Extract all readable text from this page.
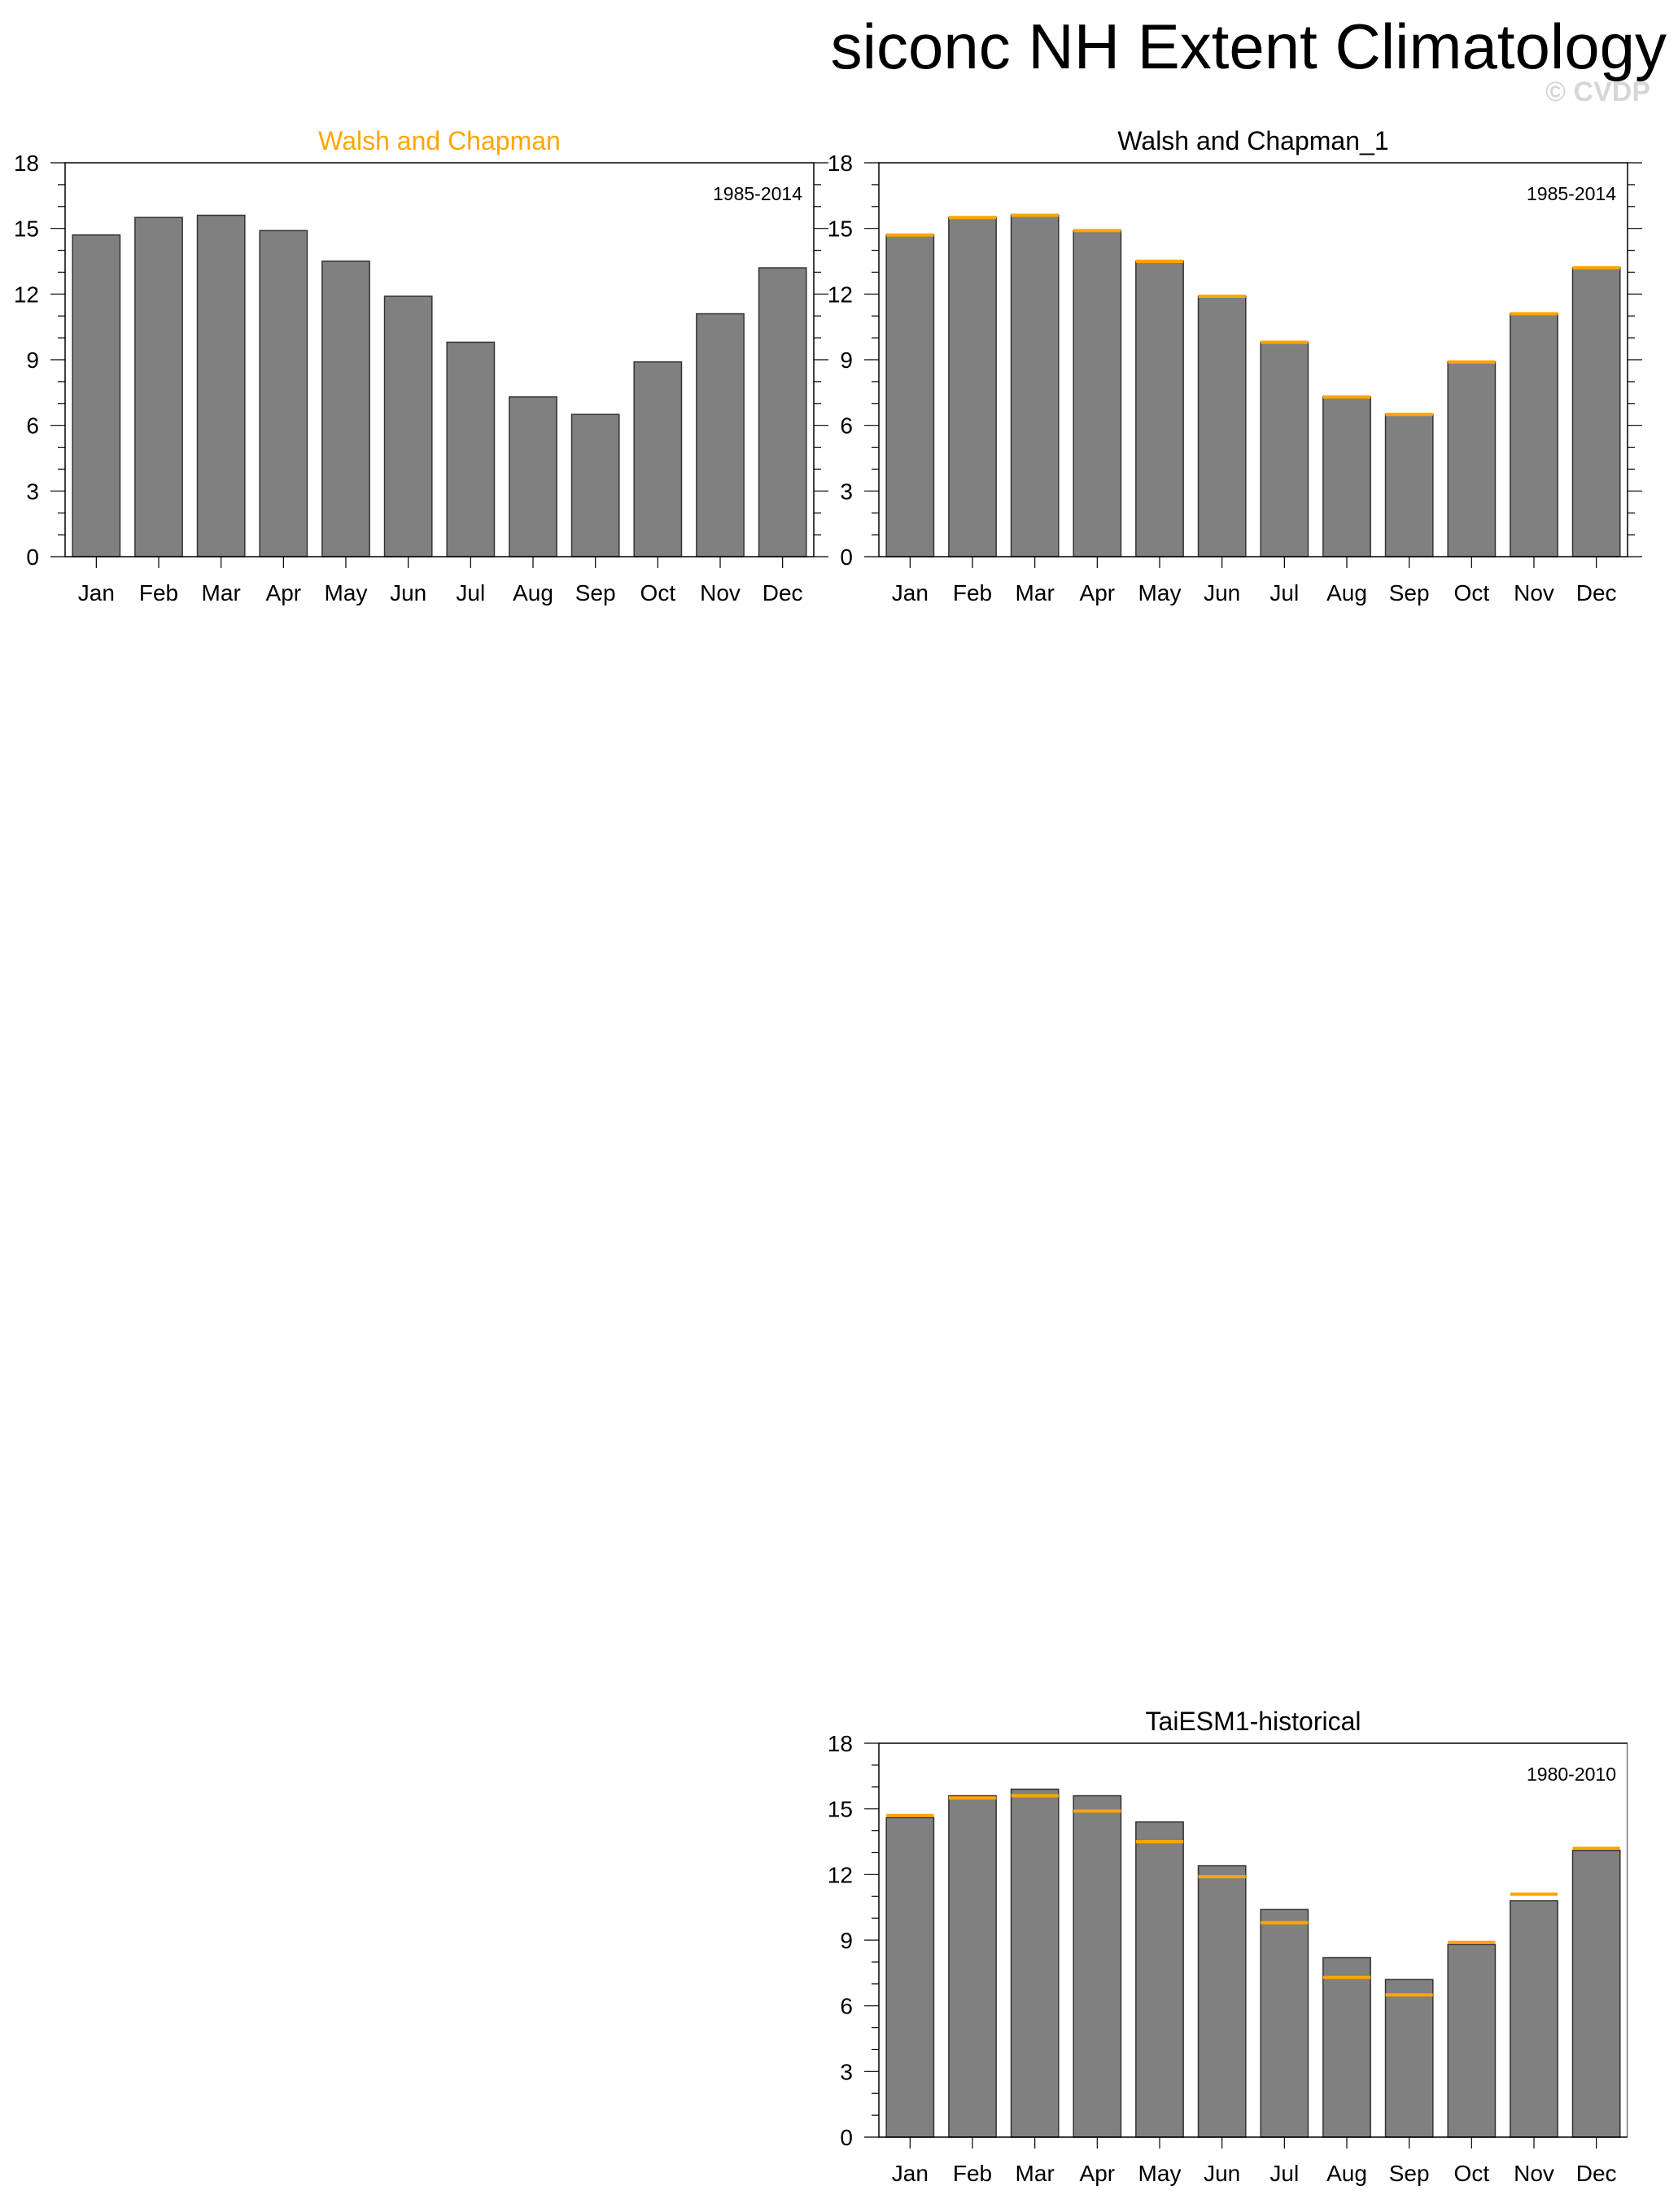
siconc NH Extent Climatology
© CVDP
Walsh and Chapman
1985-2014
0
3
6
9
12
15
18
Jan Feb Mar Apr May Jun Jul Aug Sep Oct Nov Dec
Walsh and Chapman_1
1985-2014
0
3
6
9
12
15
18
Jan Feb Mar Apr May Jun Jul Aug Sep Oct Nov Dec
TaiESM1-historical
1980-2010
0
3
6
9
12
15
18
Jan Feb Mar Apr May Jun Jul Aug Sep Oct Nov Dec
